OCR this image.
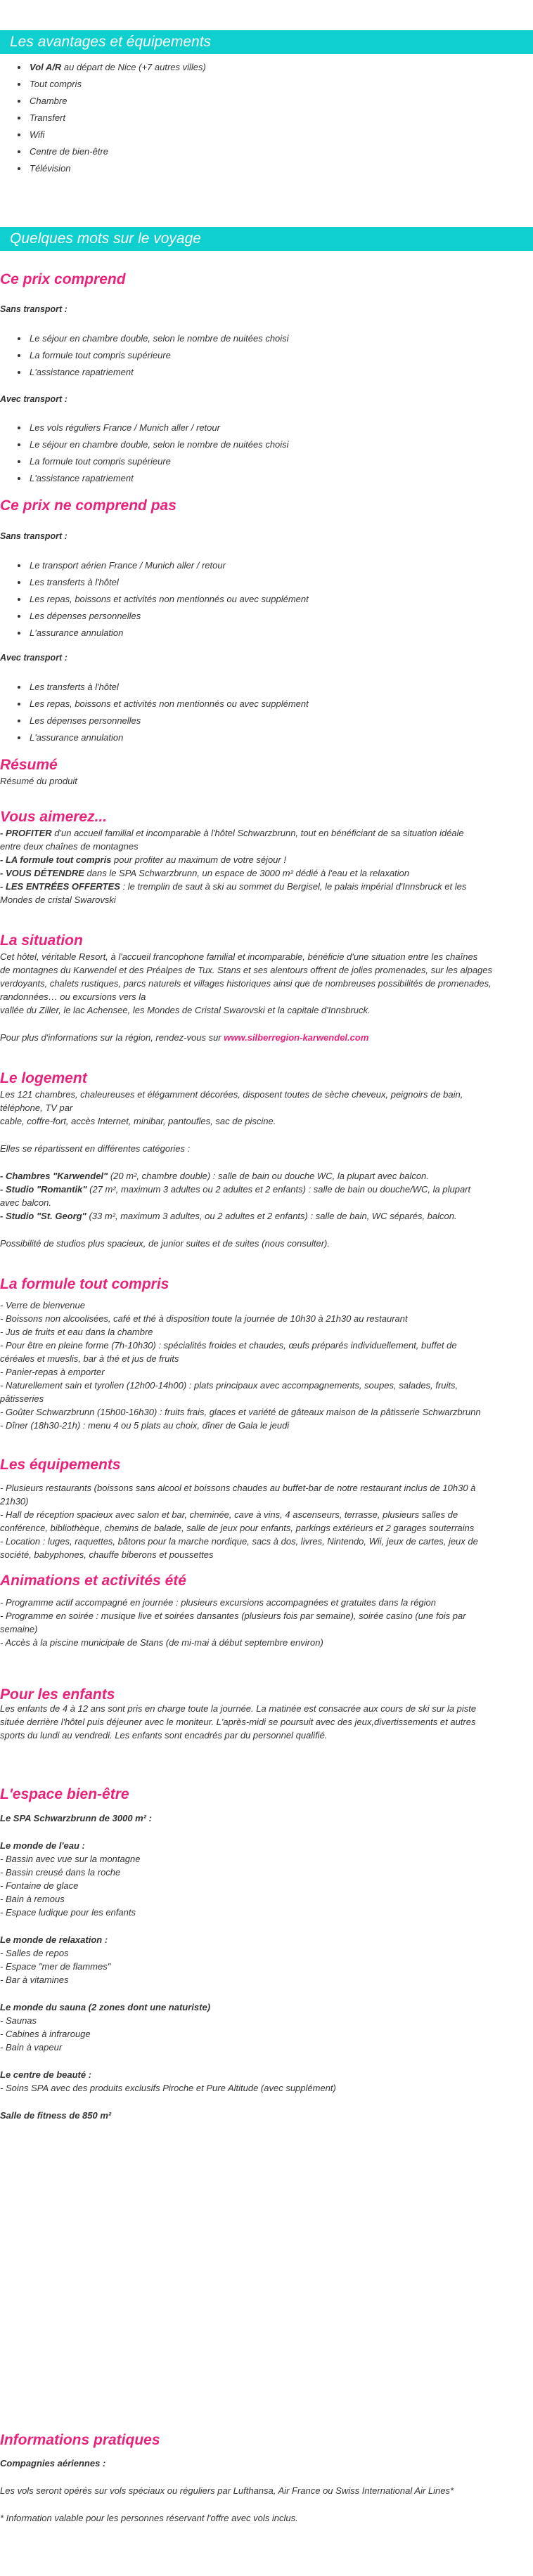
Les avantages et équipements
• Vol A/R au départ de Nice (+7 autres villes)
• Tout compris
• Chambre
• Transfert
• Wifi
• Centre de bien-être
• Télévision
Quelques mots sur le voyage
Ce prix comprend
Sans transport :
• Le séjour en chambre double, selon le nombre de nuitées choisi
• La formule tout compris supérieure
• L'assistance rapatriement
Avec transport :
• Les vols réguliers France / Munich aller / retour
• Le séjour en chambre double, selon le nombre de nuitées choisi
• La formule tout compris supérieure
• L'assistance rapatriement
Ce prix ne comprend pas
Sans transport :
• Le transport aérien France / Munich aller / retour
• Les transferts à l'hôtel
• Les repas, boissons et activités non mentionnés ou avec supplément
• Les dépenses personnelles
• L'assurance annulation
Avec transport :
• Les transferts à l'hôtel
• Les repas, boissons et activités non mentionnés ou avec supplément
• Les dépenses personnelles
• L'assurance annulation
Résumé
Résumé du produit
Vous aimerez...
- PROFITER d'un accueil familial et incomparable à l'hôtel Schwarzbrunn, tout en bénéficiant de sa situation idéale
entre deux chaînes de montagnes
- LA formule tout compris pour profiter au maximum de votre séjour !
- VOUS DÉTENDRE dans le SPA Schwarzbrunn, un espace de 3000 m² dédié à l'eau et la relaxation
- LES ENTRÉES OFFERTES : le tremplin de saut à ski au sommet du Bergisel, le palais impérial d'Innsbruck et les
Mondes de cristal Swarovski
La situation
Cet hôtel, véritable Resort, à l'accueil francophone familial et incomparable, bénéficie d'une situation entre les chaînes
de montagnes du Karwendel et des Préalpes de Tux. Stans et ses alentours offrent de jolies promenades, sur les alpages
verdoyants, chalets rustiques, parcs naturels et villages historiques ainsi que de nombreuses possibilités de promenades,
randonnées… ou excursions vers la
vallée du Ziller, le lac Achensee, les Mondes de Cristal Swarovski et la capitale d'Innsbruck.
Pour plus d'informations sur la région, rendez-vous sur www.silberregion-karwendel.com
Le logement
Les 121 chambres, chaleureuses et élégamment décorées, disposent toutes de sèche cheveux, peignoirs de bain,
téléphone, TV par
cable, coffre-fort, accès Internet, minibar, pantoufles, sac de piscine.
Elles se répartissent en différentes catégories :
- Chambres "Karwendel" (20 m², chambre double) : salle de bain ou douche WC, la plupart avec balcon.
- Studio "Romantik" (27 m², maximum 3 adultes ou 2 adultes et 2 enfants) : salle de bain ou douche/WC, la plupart
avec balcon.
- Studio "St. Georg" (33 m², maximum 3 adultes, ou 2 adultes et 2 enfants) : salle de bain, WC séparés, balcon.
Possibilité de studios plus spacieux, de junior suites et de suites (nous consulter).
La formule tout compris
- Verre de bienvenue
- Boissons non alcoolisées, café et thé à disposition toute la journée de 10h30 à 21h30 au restaurant
- Jus de fruits et eau dans la chambre
- Pour être en pleine forme (7h-10h30) : spécialités froides et chaudes, œufs préparés individuellement, buffet de
céréales et mueslis, bar à thé et jus de fruits
- Panier-repas à emporter
- Naturellement sain et tyrolien (12h00-14h00) : plats principaux avec accompagnements, soupes, salades, fruits,
pâtisseries
- Goûter Schwarzbrunn (15h00-16h30) : fruits frais, glaces et variété de gâteaux maison de la pâtisserie Schwarzbrunn
- Dîner (18h30-21h) : menu 4 ou 5 plats au choix, dîner de Gala le jeudi
Les équipements
- Plusieurs restaurants (boissons sans alcool et boissons chaudes au buffet-bar de notre restaurant inclus de 10h30 à
21h30)
- Hall de réception spacieux avec salon et bar, cheminée, cave à vins, 4 ascenseurs, terrasse, plusieurs salles de
conférence, bibliothèque, chemins de balade, salle de jeux pour enfants, parkings extérieurs et 2 garages souterrains
- Location : luges, raquettes, bâtons pour la marche nordique, sacs à dos, livres, Nintendo, Wii, jeux de cartes, jeux de
société, babyphones, chauffe biberons et poussettes
Animations et activités été
- Programme actif accompagné en journée : plusieurs excursions accompagnées et gratuites dans la région
- Programme en soirée : musique live et soirées dansantes (plusieurs fois par semaine), soirée casino (une fois par
semaine)
- Accès à la piscine municipale de Stans (de mi-mai à début septembre environ)
Pour les enfants
Les enfants de 4 à 12 ans sont pris en charge toute la journée. La matinée est consacrée aux cours de ski sur la piste
située derrière l'hôtel puis déjeuner avec le moniteur. L'après-midi se poursuit avec des jeux,divertissements et autres
sports du lundi au vendredi. Les enfants sont encadrés par du personnel qualifié.
L'espace bien-être
Le SPA Schwarzbrunn de 3000 m² :
Le monde de l'eau :
- Bassin avec vue sur la montagne
- Bassin creusé dans la roche
- Fontaine de glace
- Bain à remous
- Espace ludique pour les enfants
Le monde de relaxation :
- Salles de repos
- Espace "mer de flammes"
- Bar à vitamines
Le monde du sauna (2 zones dont une naturiste)
- Saunas
- Cabines à infrarouge
- Bain à vapeur
Le centre de beauté :
- Soins SPA avec des produits exclusifs Piroche et Pure Altitude (avec supplément)
Salle de fitness de 850 m²
Informations pratiques
Compagnies aériennes :
Les vols seront opérés sur vols spéciaux ou réguliers par Lufthansa, Air France ou Swiss International Air Lines*
* Information valable pour les personnes réservant l'offre avec vols inclus.
